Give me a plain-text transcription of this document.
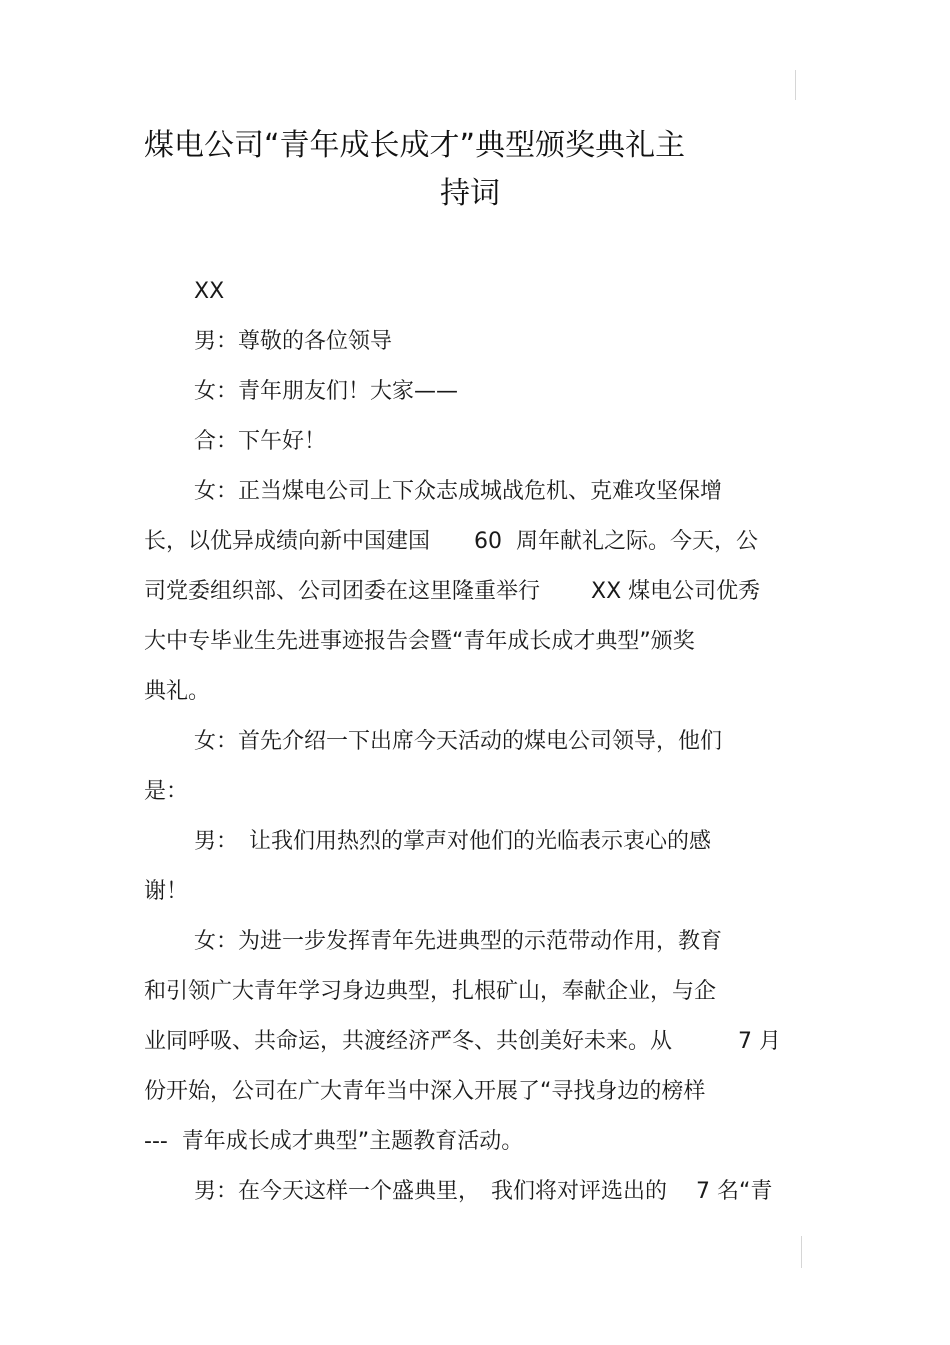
煤电公司“青年成长成才”典型颁奖典礼主

持词

XX
男：尊敬的各位领导
女：青年朋友们！大家——
合：下午好！
女：正当煤电公司上下众志成城战危机、克难攻坚保增
长，以优异成绩向新中国建国　　60  周年献礼之际。今天，公
司党委组织部、公司团委在这里隆重举行　　 XX 煤电公司优秀
大中专毕业生先进事迹报告会暨“青年成长成才典型”颁奖
典礼。
女：首先介绍一下出席今天活动的煤电公司领导，他们
是：
男：　让我们用热烈的掌声对他们的光临表示衷心的感
谢！
女：为进一步发挥青年先进典型的示范带动作用，教育
和引领广大青年学习身边典型，扎根矿山，奉献企业，与企
业同呼吸、共命运，共渡经济严冬、共创美好未来。从　　　7 月
份开始，公司在广大青年当中深入开展了“寻找身边的榜样
---  青年成长成才典型”主题教育活动。
男：在今天这样一个盛典里，　我们将对评选出的　 7 名“青
